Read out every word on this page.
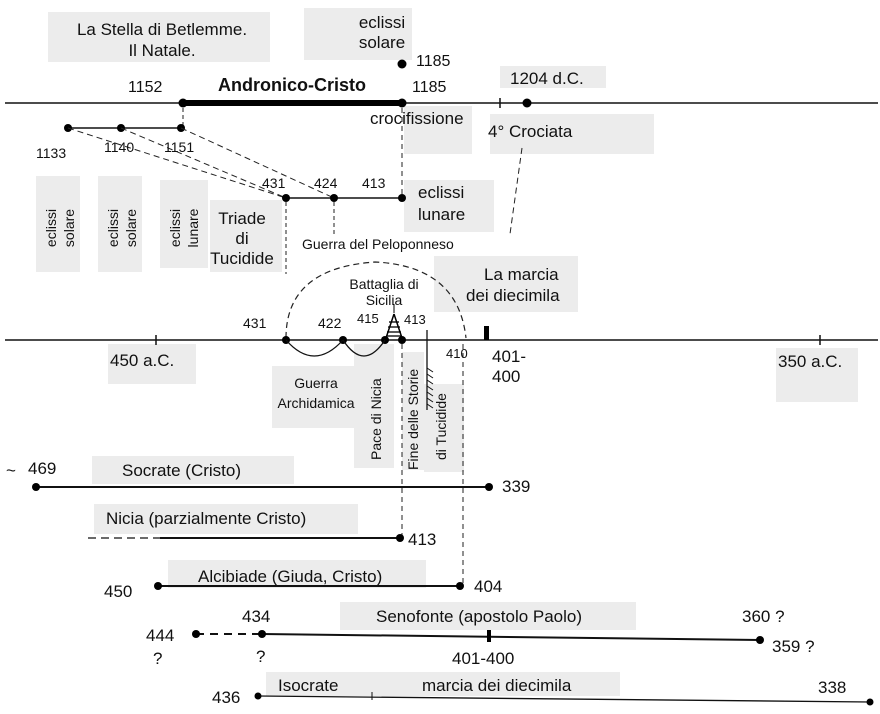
La Stella di Betlemme.
Il Natale.
eclissi
solare
1185
1152	Andronico-Cristo	1185	1204 d.C.
crocifissione
4° Crociata
1133	1140 1151
eclissi solare eclissi solare eclissi lunare Triade
di
Tucidide
431 424 413 eclissi
lunare
Guerra del Peloponneso
La marcia
dei diecimila
Battaglia di
Sicilia
450 a.C.	350 a.C.
431	422 415 413
410 401-
400
Guerra
Archidamica Pace di Nicia Fine delle Storie di Tucidide
~ 469	Socrate (Cristo)
339
Nicia (parzialmente Cristo)
413
450
Alcibiade (Giuda, Cristo)
404
Senofonte (apostolo Paolo)
444
?
434
?	401-400
360 ?
359 ?
436
Isocrate	marcia dei diecimila	338
